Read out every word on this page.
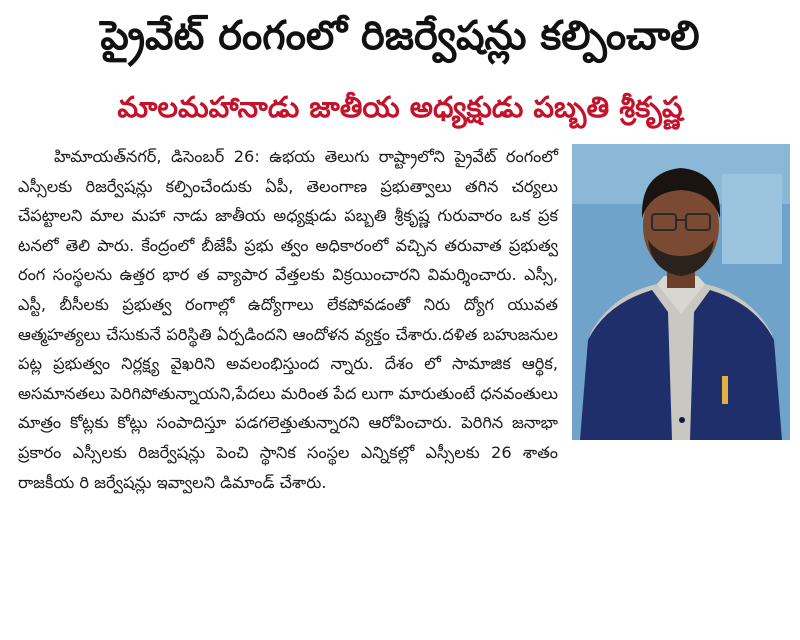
ప్రైవేట్ రంగంలో రిజర్వేషన్లు కల్పించాలి
మాలమహానాడు జాతీయ అధ్యక్షుడు పబ్బతి శ్రీకృష్ణ

హిమాయత్‌నగర్, డిసెంబర్ 26: ఉభయ తెలుగు రాష్ట్రాలోని ప్రైవేట్ రంగంలో ఎస్సీలకు రిజర్వేషన్లు కల్పించేందుకు ఏపీ, తెలంగాణ ప్రభుత్వాలు తగిన చర్యలు చేపట్టాలని మాల మహా నాడు జాతీయ అధ్యక్షుడు పబ్బతి శ్రీకృష్ణ గురువారం ఒక ప్రక టనలో తెలి పారు. కేంద్రంలో బీజేపీ ప్రభు త్వం అధికారంలో వచ్చిన తరువాత ప్రభుత్వ రంగ సంస్థలను ఉత్తర భార త వ్యాపార వేత్తలకు విక్రయించారని విమర్శించారు. ఎస్సీ, ఎస్టీ, బీసీలకు ప్రభుత్వ రంగాల్లో ఉద్యోగాలు లేకపోవడంతో నిరు ద్యోగ యువత ఆత్మహత్యలు చేసుకునే పరిస్థితి ఏర్పడిందని ఆందోళన వ్యక్తం చేశారు.దళిత బహుజనుల పట్ల ప్రభుత్వం నిర్లక్ష్య వైఖరిని అవలంభిస్తుంద న్నారు. దేశం లో సామాజిక ఆర్థిక, అసమానతలు పెరిగిపోతున్నాయని,పేదలు మరింత పేద లుగా మారుతుంటే ధనవంతులు మాత్రం కోట్లకు కోట్లు సంపాదిస్తూ పడగలెత్తుతున్నారని ఆరోపించారు. పెరిగిన జనాభా ప్రకారం ఎస్సీలకు రిజర్వేషన్లు పెంచి స్థానిక సంస్థల ఎన్నికల్లో ఎస్సీలకు 26 శాతం రాజకీయ రి జర్వేషన్లు ఇవ్వాలని డిమాండ్ చేశారు.
